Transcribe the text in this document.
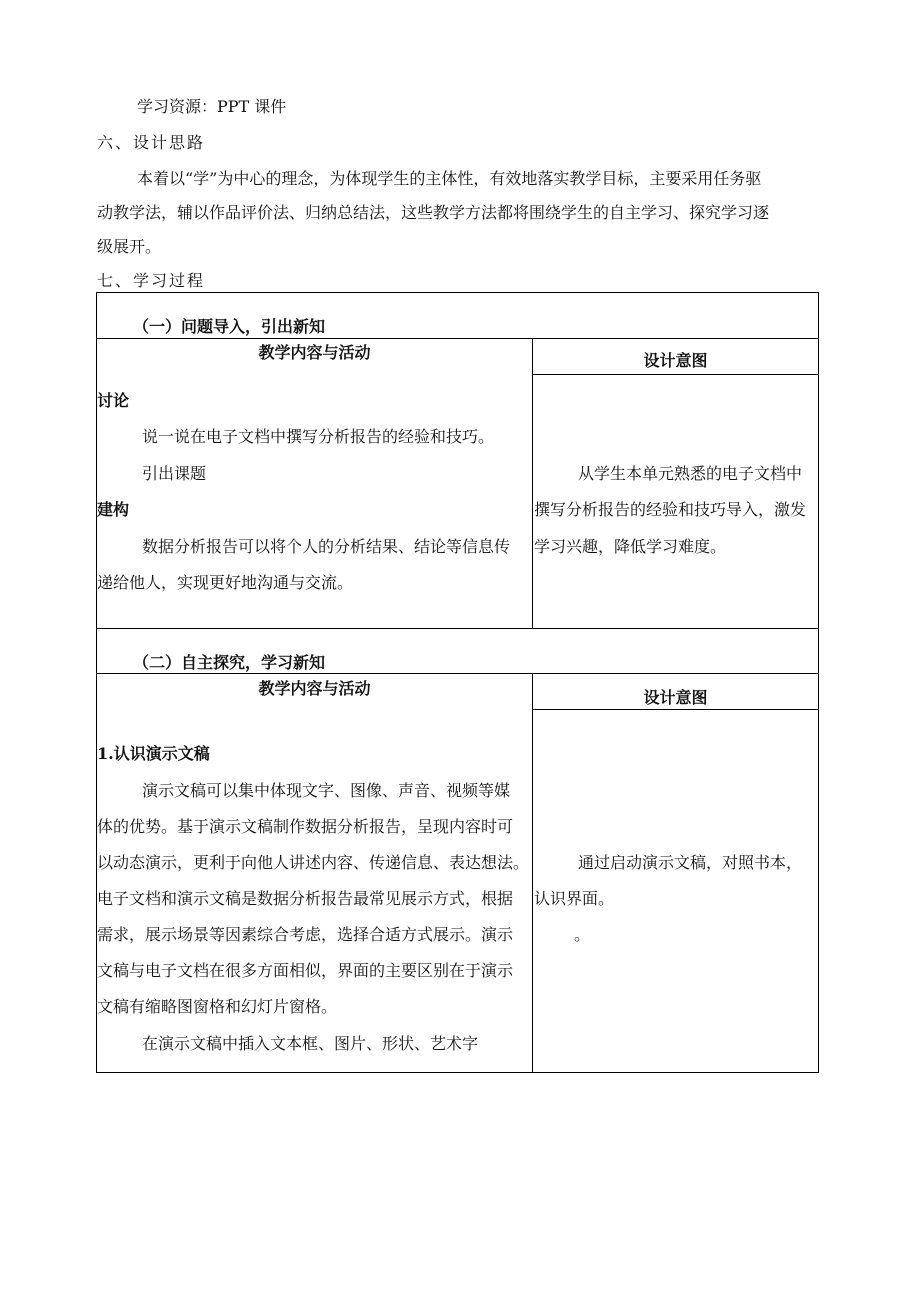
学习资源：PPT 课件
六、设计思路
本着以“学”为中心的理念，为体现学生的主体性，有效地落实教学目标，主要采用任务驱
动教学法，辅以作品评价法、归纳总结法，这些教学方法都将围绕学生的自主学习、探究学习逐
级展开。
七、学习过程
（一）问题导入，引出新知
教学内容与活动	设计意图
讨论
说一说在电子文档中撰写分析报告的经验和技巧。
引出课题
建构
数据分析报告可以将个人的分析结果、结论等信息传
递给他人，实现更好地沟通与交流。
从学生本单元熟悉的电子文档中
撰写分析报告的经验和技巧导入，激发
学习兴趣，降低学习难度。
（二）自主探究，学习新知
教学内容与活动	设计意图
1.认识演示文稿
演示文稿可以集中体现文字、图像、声音、视频等媒
体的优势。基于演示文稿制作数据分析报告，呈现内容时可
以动态演示，更利于向他人讲述内容、传递信息、表达想法。
电子文档和演示文稿是数据分析报告最常见展示方式，根据
需求，展示场景等因素综合考虑，选择合适方式展示。演示
文稿与电子文档在很多方面相似，界面的主要区别在于演示
文稿有缩略图窗格和幻灯片窗格。
在演示文稿中插入文本框、图片、形状、艺术字
通过启动演示文稿，对照书本，
认识界面。
。
